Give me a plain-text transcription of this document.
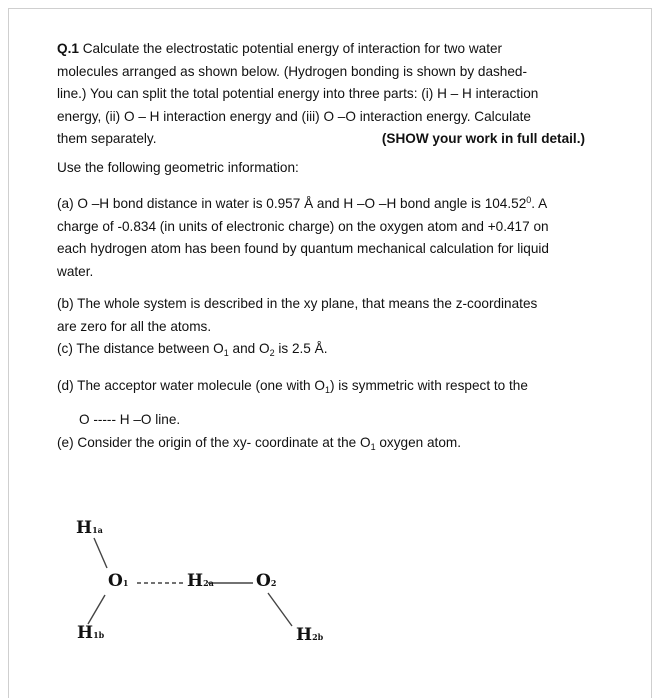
Q.1 Calculate the electrostatic potential energy of interaction for two water

molecules arranged as shown below. (Hydrogen bonding is shown by dashed-

line.) You can split the total potential energy into three parts: (i) H – H interaction

energy, (ii) O – H interaction energy and (iii) O –O interaction energy. Calculate

them separately.	(SHOW your work in full detail.)

Use the following geometric information:

(a) O –H bond distance in water is 0.957 Å and H –O –H bond angle is 104.52$^0$. A

charge of -0.834 (in units of electronic charge) on the oxygen atom and +0.417 on

each hydrogen atom has been found by quantum mechanical calculation for liquid

water.

(b) The whole system is described in the xy plane, that means the z-coordinates

are zero for all the atoms.

(c) The distance between $O_1$ and $O_2$ is 2.5 Å.

(d) The acceptor water molecule (one with $O_1$) is symmetric with respect to the

O ----- H –O line.

(e) Consider the origin of the xy- coordinate at the $O_1$ oxygen atom.

H1a
O1
H1b
H2a O2
H2b
